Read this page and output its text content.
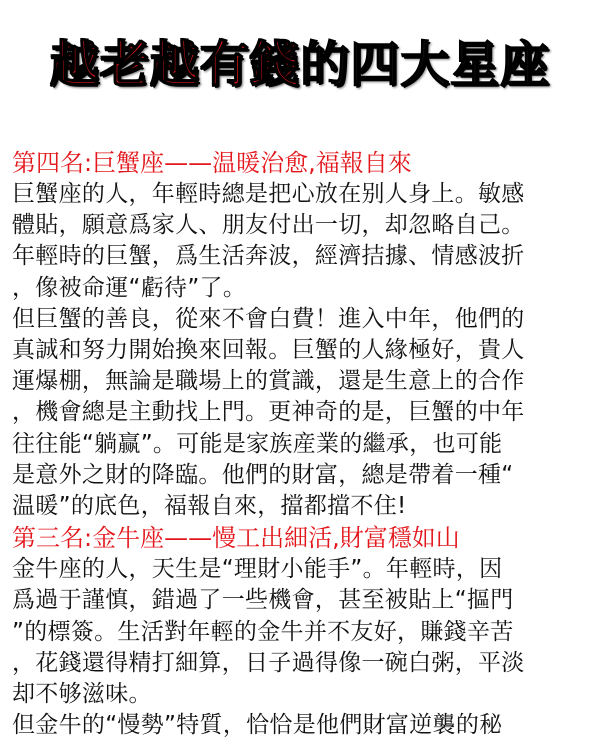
越老越有錢的四大星座
第四名:巨蟹座——温暖治愈,福報自來
巨蟹座的人，年輕時總是把心放在别人身上。敏感
體貼，願意爲家人、朋友付出一切，却忽略自己。
年輕時的巨蟹，爲生活奔波，經濟拮據、情感波折
，像被命運“虧待”了。
但巨蟹的善良，從來不會白費！進入中年，他們的
真誠和努力開始換來回報。巨蟹的人緣極好，貴人
運爆棚，無論是職場上的賞識，還是生意上的合作
，機會總是主動找上門。更神奇的是，巨蟹的中年
往往能“躺赢”。可能是家族産業的繼承，也可能
是意外之財的降臨。他們的財富，總是帶着一種“
温暖”的底色，福報自來，擋都擋不住!
第三名:金牛座——慢工出細活,財富穩如山
金牛座的人，天生是“理財小能手”。年輕時，因
爲過于謹慎，錯過了一些機會，甚至被貼上“摳門
”的標簽。生活對年輕的金牛并不友好，賺錢辛苦
，花錢還得精打細算，日子過得像一碗白粥，平淡
却不够滋味。
但金牛的“慢勢”特質，恰恰是他們財富逆襲的秘
